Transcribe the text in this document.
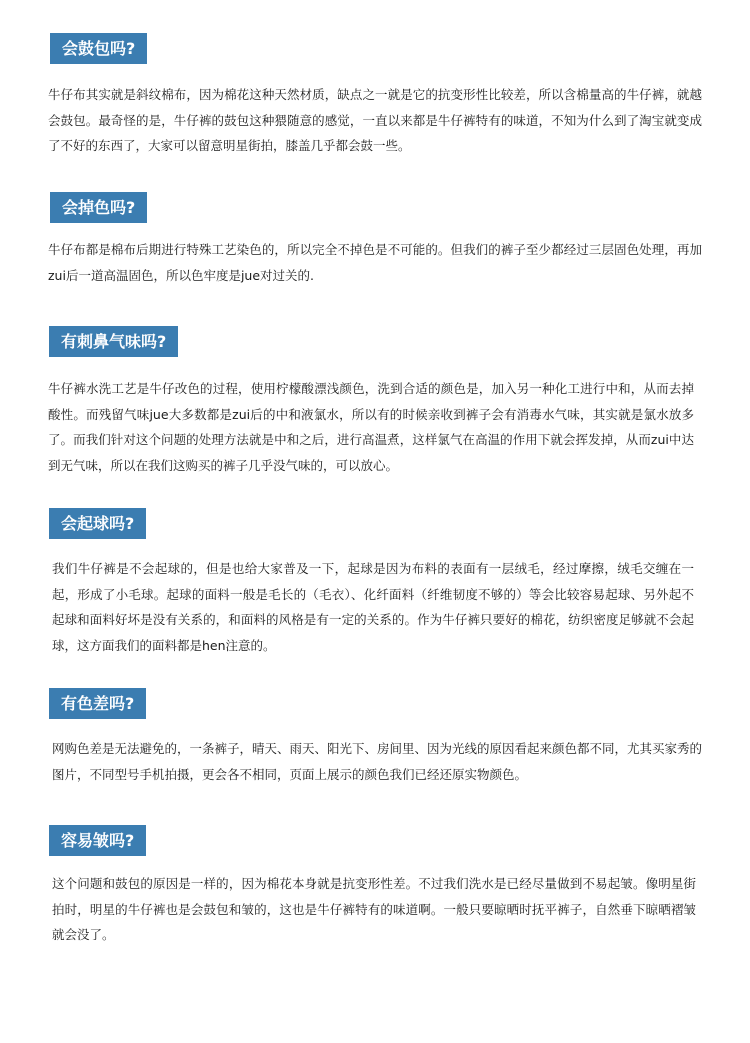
会鼓包吗?

牛仔布其实就是斜纹棉布，因为棉花这种天然材质，缺点之一就是它的抗变形性比较差，所以含棉量高的牛仔裤，就越会鼓包。最奇怪的是，牛仔裤的鼓包这种猥随意的感觉，一直以来都是牛仔裤特有的味道，不知为什么到了淘宝就变成了不好的东西了，大家可以留意明星街拍，膝盖几乎都会鼓一些。

会掉色吗?

牛仔布都是棉布后期进行特殊工艺染色的，所以完全不掉色是不可能的。但我们的裤子至少都经过三层固色处理，再加zui后一道高温固色，所以色牢度是jue对过关的.

有刺鼻气味吗?

牛仔裤水洗工艺是牛仔改色的过程，使用柠檬酸漂浅颜色，洗到合适的颜色是，加入另一种化工进行中和，从而去掉酸性。而残留气味jue大多数都是zui后的中和液氯水，所以有的时候亲收到裤子会有消毒水气味，其实就是氯水放多了。而我们针对这个问题的处理方法就是中和之后，进行高温煮，这样氯气在高温的作用下就会挥发掉，从而zui中达到无气味，所以在我们这购买的裤子几乎没气味的，可以放心。

会起球吗?

我们牛仔裤是不会起球的，但是也给大家普及一下，起球是因为布料的表面有一层绒毛，经过摩擦，绒毛交缠在一起，形成了小毛球。起球的面料一般是毛长的（毛衣）、化纤面料（纤维韧度不够的）等会比较容易起球、另外起不起球和面料好坏是没有关系的，和面料的风格是有一定的关系的。作为牛仔裤只要好的棉花，纺织密度足够就不会起球，这方面我们的面料都是hen注意的。

有色差吗?

网购色差是无法避免的，一条裤子，晴天、雨天、阳光下、房间里、因为光线的原因看起来颜色都不同，尤其买家秀的图片，不同型号手机拍摄，更会各不相同，页面上展示的颜色我们已经还原实物颜色。

容易皱吗?

这个问题和鼓包的原因是一样的，因为棉花本身就是抗变形性差。不过我们洗水是已经尽量做到不易起皱。像明星街拍时，明星的牛仔裤也是会鼓包和皱的，这也是牛仔裤特有的味道啊。一般只要晾晒时抚平裤子，自然垂下晾晒褶皱就会没了。
